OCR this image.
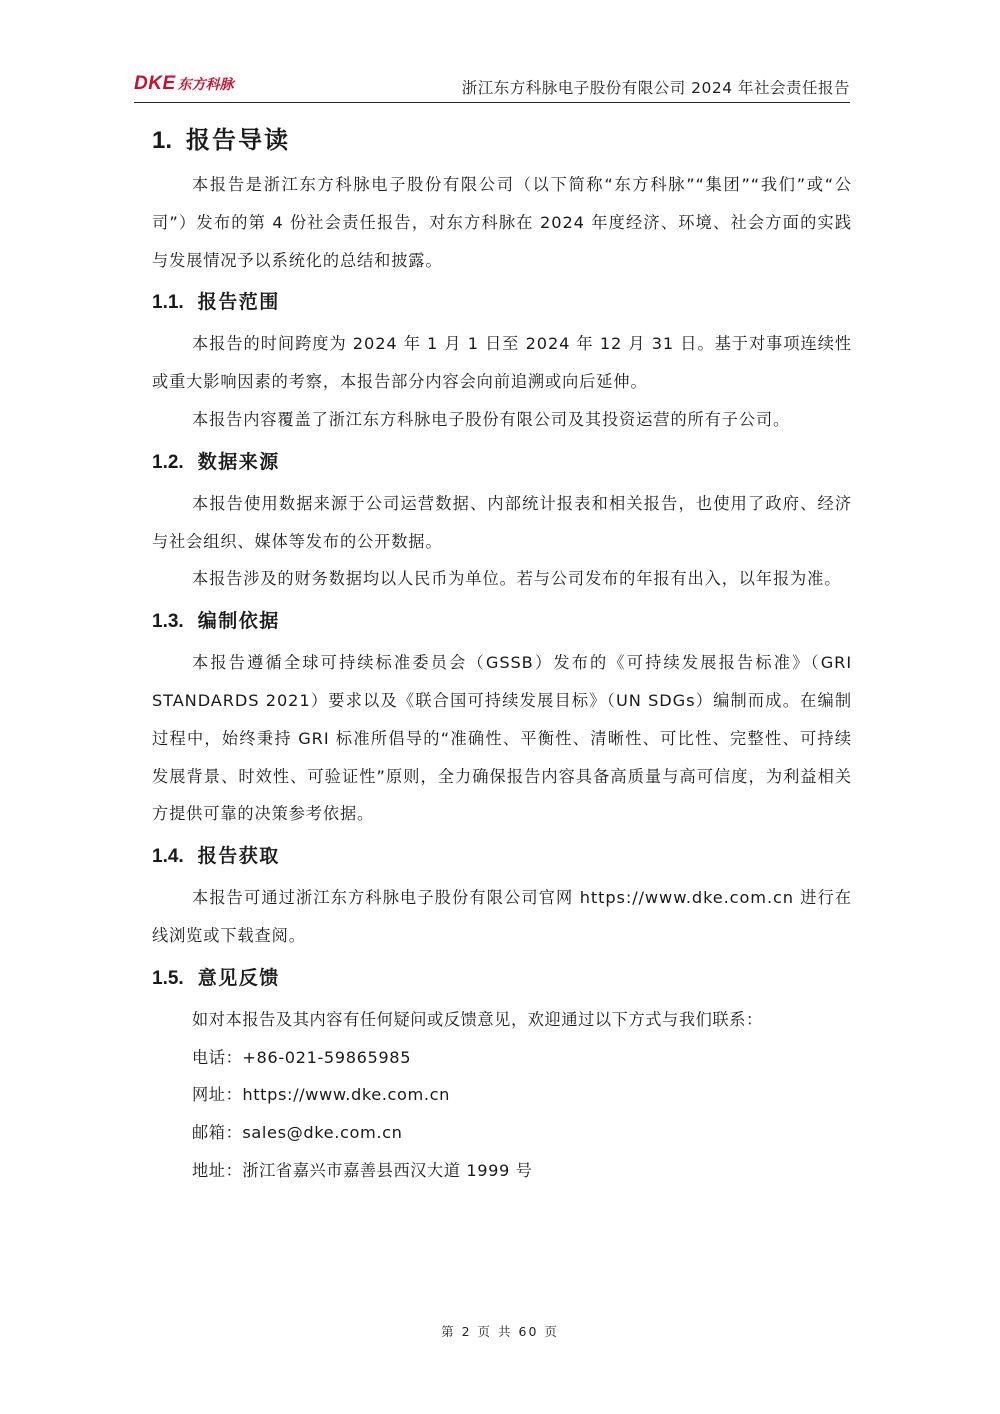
DKE 东方科脉	浙江东方科脉电子股份有限公司 2024 年社会责任报告
1. 报告导读

本报告是浙江东方科脉电子股份有限公司（以下简称“东方科脉”“集团”“我们”或“公司”）发布的第 4 份社会责任报告，对东方科脉在 2024 年度经济、环境、社会方面的实践与发展情况予以系统化的总结和披露。

1.1. 报告范围

本报告的时间跨度为 2024 年 1 月 1 日至 2024 年 12 月 31 日。基于对事项连续性或重大影响因素的考察，本报告部分内容会向前追溯或向后延伸。

本报告内容覆盖了浙江东方科脉电子股份有限公司及其投资运营的所有子公司。

1.2. 数据来源

本报告使用数据来源于公司运营数据、内部统计报表和相关报告，也使用了政府、经济与社会组织、媒体等发布的公开数据。

本报告涉及的财务数据均以人民币为单位。若与公司发布的年报有出入，以年报为准。

1.3. 编制依据

本报告遵循全球可持续标准委员会（GSSB）发布的《可持续发展报告标准》（GRI STANDARDS 2021）要求以及《联合国可持续发展目标》（UN SDGs）编制而成。在编制过程中，始终秉持 GRI 标准所倡导的“准确性、平衡性、清晰性、可比性、完整性、可持续发展背景、时效性、可验证性”原则，全力确保报告内容具备高质量与高可信度，为利益相关方提供可靠的决策参考依据。

1.4. 报告获取

本报告可通过浙江东方科脉电子股份有限公司官网 https://www.dke.com.cn 进行在线浏览或下载查阅。

1.5. 意见反馈

如对本报告及其内容有任何疑问或反馈意见，欢迎通过以下方式与我们联系：

电话：+86-021-59865985

网址：https://www.dke.com.cn

邮箱：sales@dke.com.cn

地址：浙江省嘉兴市嘉善县西汉大道 1999 号

第 2 页 共 60 页
